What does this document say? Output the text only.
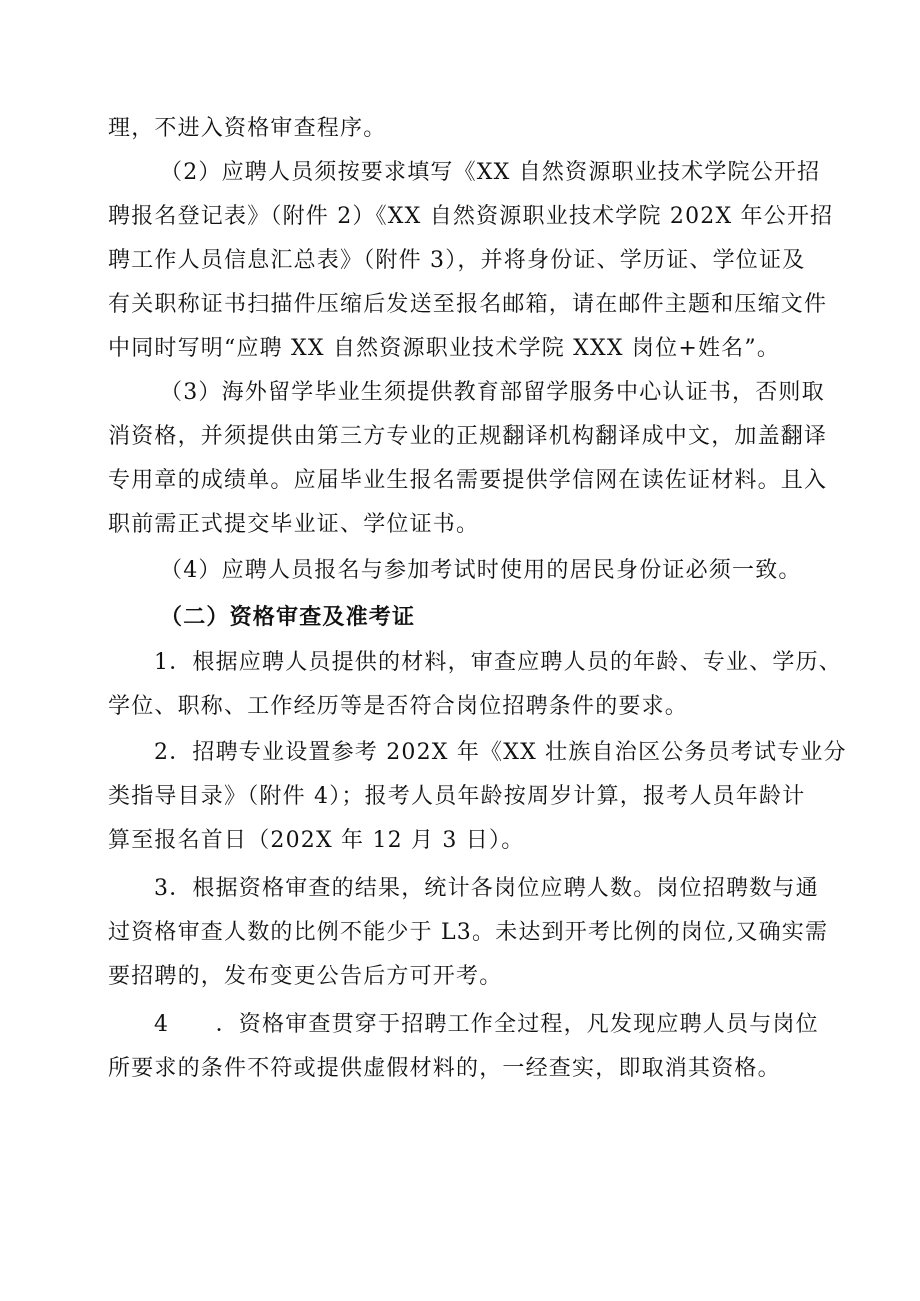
理，不进入资格审查程序。
（2）应聘人员须按要求填写《XX 自然资源职业技术学院公开招
聘报名登记表》（附件 2）《XX 自然资源职业技术学院 202X 年公开招
聘工作人员信息汇总表》（附件 3），并将身份证、学历证、学位证及
有关职称证书扫描件压缩后发送至报名邮箱，请在邮件主题和压缩文件
中同时写明“应聘 XX 自然资源职业技术学院 XXX 岗位+姓名”。
（3）海外留学毕业生须提供教育部留学服务中心认证书，否则取
消资格，并须提供由第三方专业的正规翻译机构翻译成中文，加盖翻译
专用章的成绩单。应届毕业生报名需要提供学信网在读佐证材料。且入
职前需正式提交毕业证、学位证书。
（4）应聘人员报名与参加考试时使用的居民身份证必须一致。
（二）资格审查及准考证
1．根据应聘人员提供的材料，审查应聘人员的年龄、专业、学历、
学位、职称、工作经历等是否符合岗位招聘条件的要求。
2．招聘专业设置参考 202X 年《XX 壮族自治区公务员考试专业分
类指导目录》（附件 4）；报考人员年龄按周岁计算，报考人员年龄计
算至报名首日（202X 年 12 月 3 日）。
3．根据资格审查的结果，统计各岗位应聘人数。岗位招聘数与通
过资格审查人数的比例不能少于 L3。未达到开考比例的岗位,又确实需
要招聘的，发布变更公告后方可开考。
4　　．资格审查贯穿于招聘工作全过程，凡发现应聘人员与岗位
所要求的条件不符或提供虚假材料的，一经查实，即取消其资格。
